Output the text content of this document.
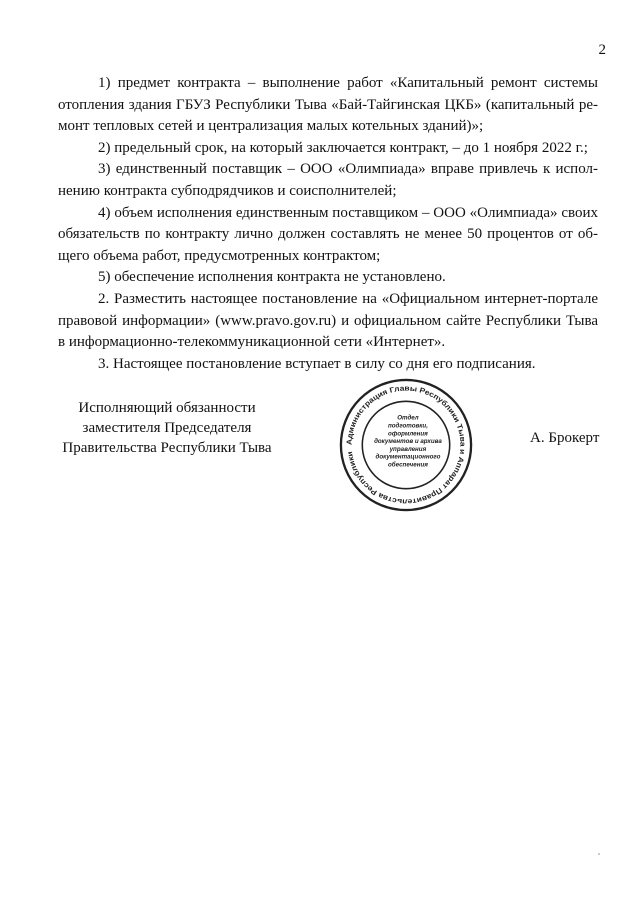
2

1) предмет контракта – выполнение работ «Капитальный ремонт системы отопления здания ГБУЗ Республики Тыва «Бай-Тайгинская ЦКБ» (капитальный ремонт тепловых сетей и централизация малых котельных зданий)»;

2) предельный срок, на который заключается контракт, – до 1 ноября 2022 г.;

3) единственный поставщик – ООО «Олимпиада» вправе привлечь к исполнению контракта субподрядчиков и соисполнителей;

4) объем исполнения единственным поставщиком – ООО «Олимпиада» своих обязательств по контракту лично должен составлять не менее 50 процентов от общего объема работ, предусмотренных контрактом;

5) обеспечение исполнения контракта не установлено.

2. Разместить настоящее постановление на «Официальном интернет-портале правовой информации» (www.pravo.gov.ru) и официальном сайте Республики Тыва в информационно-телекоммуникационной сети «Интернет».

3. Настоящее постановление вступает в силу со дня его подписания.

Исполняющий обязанности
заместителя Председателя
Правительства Республики Тыва	Администрация Главы Республики Тыва и Аппарат Правительства Республики
Отдел
подготовки,
оформления
документов и архива
управления
документационного
обеспечения
А. Брокерт
